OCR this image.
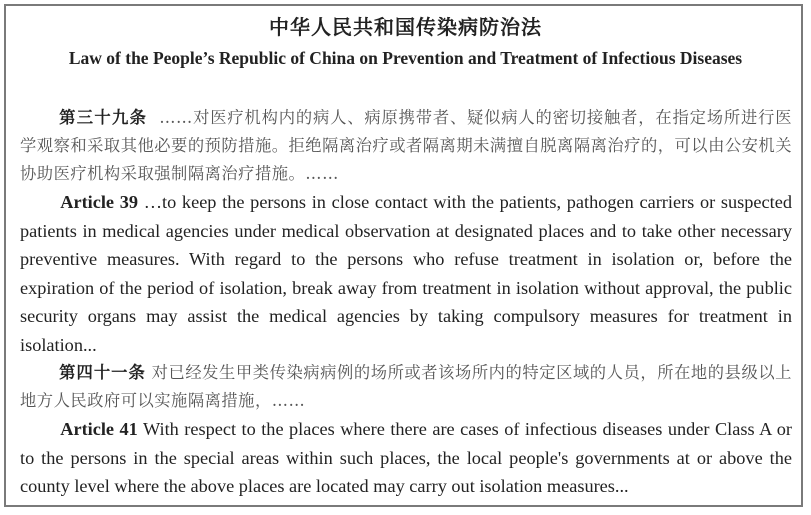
中华人民共和国传染病防治法
Law of the People’s Republic of China on Prevention and Treatment of Infectious Diseases

第三十九条 ……对医疗机构内的病人、病原携带者、疑似病人的密切接触者，在指定场所进行医学观察和采取其他必要的预防措施。拒绝隔离治疗或者隔离期未满擅自脱离隔离治疗的，可以由公安机关协助医疗机构采取强制隔离治疗措施。……

Article 39 …to keep the persons in close contact with the patients, pathogen carriers or suspected patients in medical agencies under medical observation at designated places and to take other necessary preventive measures. With regard to the persons who refuse treatment in isolation or, before the expiration of the period of isolation, break away from treatment in isolation without approval, the public security organs may assist the medical agencies by taking compulsory measures for treatment in isolation...

第四十一条 对已经发生甲类传染病病例的场所或者该场所内的特定区域的人员，所在地的县级以上地方人民政府可以实施隔离措施，……

Article 41 With respect to the places where there are cases of infectious diseases under Class A or to the persons in the special areas within such places, the local people's governments at or above the county level where the above places are located may carry out isolation measures...
